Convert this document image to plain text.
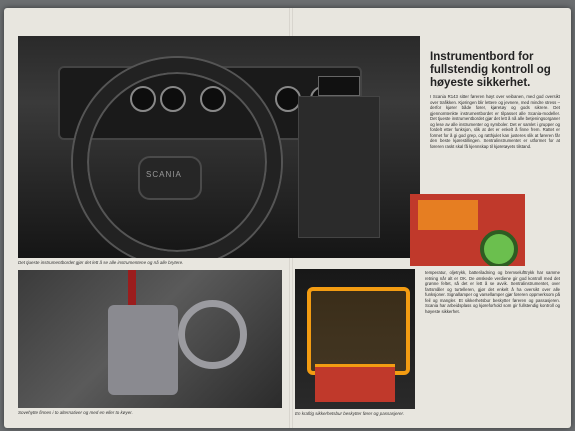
SCANIA
Det tjueste instrumentbordet gjør det lett å se alle instrumentene og nå alle brytere.
Instrumentbord for fullstendig kontroll og høyeste sikkerhet.
I Scania R143 sitter føreren høyt over veibanen, med god oversikt over trafikken. Kjøringen blir lettere og jevnere, med mindre stress – derfor kjører både fører, kjøretøy og gods sikrere. Det gjennomtenkte instrumentbordet er tilpasset alle Scania-modeller. Det tjueste instrumentbordet gjør det lett å nå alle betjeningsorganer og lese av alle instrumenter og symboler. Det er samlet i grupper og fordelt etter funksjon, slik at det er enkelt å finne frem. Rattet er formet for å gi god grep, og ratthjulet kan justeres slik at føreren får den beste kjørestillingen. Sentralinstrumentet er utformet for at føreren raskt skal få kjennskap til kjøretøyets tilstand.
Sovehytte finnes i to alternativer og med en eller to køyer.	En kraftig sikkerhetsbur beskytter fører og passasjerer.
temperatur, oljetrykk, batteriladning og bremselufttrykk har samme retning når alt er OK. De ønskede verdiene gir god kontroll med det grønne feltet, så det er lett å se avvik. Sentralinstrumentet, over fartsmåler og turtelleren, gjør det enkelt å ha oversikt over alle funksjoner. Signallamper og varsellamper gjør føreren oppmerksom på feil og mangler. Et sikkerhetsbur beskytter føreren og passasjeren. Scania har arbeidsplass og kjøreforhold som gir fullstendig kontroll og høyeste sikkerhet.
